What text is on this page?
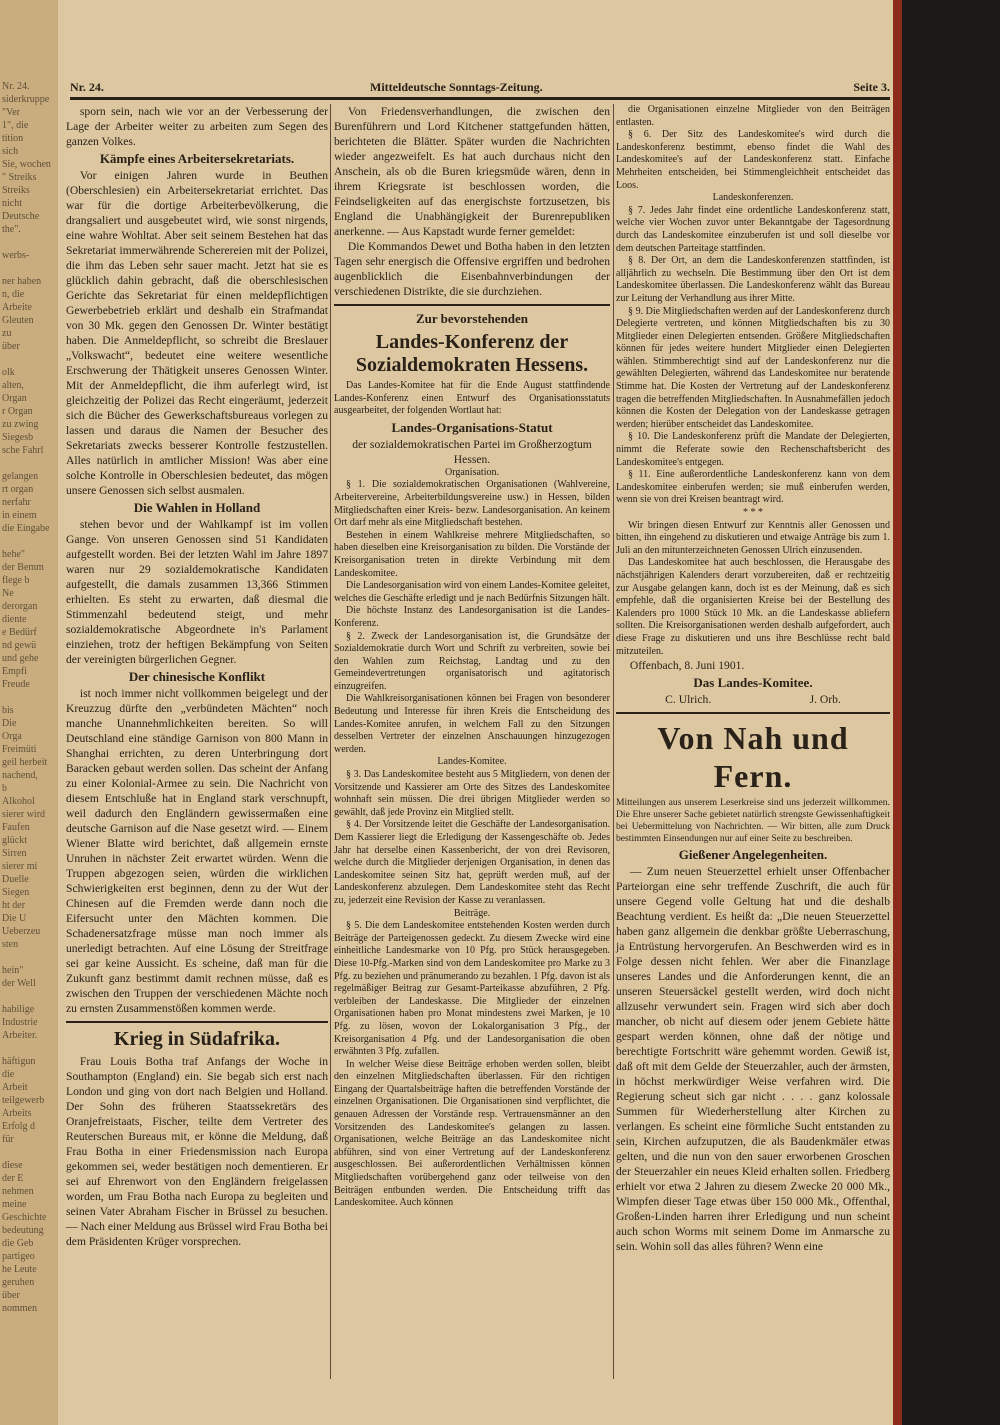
Nr. 24.
siderkruppe
"Ver
1", die
tition
sich
Sie, wochen
" Streiks
Streiks
nicht
Deutsche
the".

werbs-

ner haben
n, die
Arbeite
Gleuten
zu
über

olk
alten,
Organ
r Organ
zu zwing
Siegesb
sche Fahrl

gelangen
rt organ
nerfahr
in einem
die Eingabe

hehe"
der Bemm
flege b
Ne
derorgan
diente
e Bedürf
nd gewü
und gehe
Empfi
Freude

bis
Die
Orga
Freimüti
geil herbeit
nachend,
b
Alkohol
sierer wird
Faufen
glückt
Sirren
sierer mi
Duelle
Siegen
ht der
Die U
Ueberzeu
sten

hein"
der Well

habilige
Industrie
Arbeiter.

häftigun
die
Arbeit
teilgewerb
Arbeits
Erfolg d
für

diese
der E
nehmen
meine
Geschichte
bedeutung
die Geb
partigeo
he Leute
geruhen
über
nommen
Nr. 24.	Mitteldeutsche Sonntags-Zeitung.	Seite 3.

sporn sein, nach wie vor an der Verbesserung der Lage der Arbeiter weiter zu arbeiten zum Segen des ganzen Volkes.

Kämpfe eines Arbeitersekretariats.

Vor einigen Jahren wurde in Beuthen (Oberschlesien) ein Arbeitersekretariat errichtet. Das war für die dortige Arbeiterbevölkerung, die drangsaliert und ausgebeutet wird, wie sonst nirgends, eine wahre Wohltat. Aber seit seinem Bestehen hat das Sekretariat immerwährende Scherereien mit der Polizei, die ihm das Leben sehr sauer macht. Jetzt hat sie es glücklich dahin gebracht, daß die oberschlesischen Gerichte das Sekretariat für einen meldepflichtigen Gewerbebetrieb erklärt und deshalb ein Strafmandat von 30 Mk. gegen den Genossen Dr. Winter bestätigt haben. Die Anmeldepflicht, so schreibt die Breslauer „Volkswacht“, bedeutet eine weitere wesentliche Erschwerung der Thätigkeit unseres Genossen Winter. Mit der Anmeldepflicht, die ihm auferlegt wird, ist gleichzeitig der Polizei das Recht eingeräumt, jederzeit sich die Bücher des Gewerkschaftsbureaus vorlegen zu lassen und daraus die Namen der Besucher des Sekretariats zwecks besserer Kontrolle festzustellen. Alles natürlich in amtlicher Mission! Was aber eine solche Kontrolle in Oberschlesien bedeutet, das mögen unsere Genossen sich selbst ausmalen.

Die Wahlen in Holland

stehen bevor und der Wahlkampf ist im vollen Gange. Von unseren Genossen sind 51 Kandidaten aufgestellt worden. Bei der letzten Wahl im Jahre 1897 waren nur 29 sozialdemokratische Kandidaten aufgestellt, die damals zusammen 13,366 Stimmen erhielten. Es steht zu erwarten, daß diesmal die Stimmenzahl bedeutend steigt, und mehr sozialdemokratische Abgeordnete in's Parlament einziehen, trotz der heftigen Bekämpfung von Seiten der vereinigten bürgerlichen Gegner.

Der chinesische Konflikt

ist noch immer nicht vollkommen beigelegt und der Kreuzzug dürfte den „verbündeten Mächten“ noch manche Unannehmlichkeiten bereiten. So will Deutschland eine ständige Garnison von 800 Mann in Shanghai errichten, zu deren Unterbringung dort Baracken gebaut werden sollen. Das scheint der Anfang zu einer Kolonial-Armee zu sein. Die Nachricht von diesem Entschluße hat in England stark verschnupft, weil dadurch den Engländern gewissermaßen eine deutsche Garnison auf die Nase gesetzt wird. — Einem Wiener Blatte wird berichtet, daß allgemein ernste Unruhen in nächster Zeit erwartet würden. Wenn die Truppen abgezogen seien, würden die wirklichen Schwierigkeiten erst beginnen, denn zu der Wut der Chinesen auf die Fremden werde dann noch die Eifersucht unter den Mächten kommen. Die Schadenersatzfrage müsse man noch immer als unerledigt betrachten. Auf eine Lösung der Streitfrage sei gar keine Aussicht. Es scheine, daß man für die Zukunft ganz bestimmt damit rechnen müsse, daß es zwischen den Truppen der verschiedenen Mächte noch zu ernsten Zusammenstößen kommen werde.

Krieg in Südafrika.

Frau Louis Botha traf Anfangs der Woche in Southampton (England) ein. Sie begab sich erst nach London und ging von dort nach Belgien und Holland. Der Sohn des früheren Staatssekretärs des Oranjefreistaats, Fischer, teilte dem Vertreter des Reuterschen Bureaus mit, er könne die Meldung, daß Frau Botha in einer Friedensmission nach Europa gekommen sei, weder bestätigen noch dementieren. Er sei auf Ehrenwort von den Engländern freigelassen worden, um Frau Botha nach Europa zu begleiten und seinen Vater Abraham Fischer in Brüssel zu besuchen. — Nach einer Meldung aus Brüssel wird Frau Botha bei dem Präsidenten Krüger vorsprechen.

Von Friedensverhandlungen, die zwischen den Burenführern und Lord Kitchener stattgefunden hätten, berichteten die Blätter. Später wurden die Nachrichten wieder angezweifelt. Es hat auch durchaus nicht den Anschein, als ob die Buren kriegsmüde wären, denn in ihrem Kriegsrate ist beschlossen worden, die Feindseligkeiten auf das energischste fortzusetzen, bis England die Unabhängigkeit der Burenrepubliken anerkenne. — Aus Kapstadt wurde ferner gemeldet:

Die Kommandos Dewet und Botha haben in den letzten Tagen sehr energisch die Offensive ergriffen und bedrohen augenblicklich die Eisenbahnverbindungen der verschiedenen Distrikte, die sie durchziehen.

Zur bevorstehenden
Landes-Konferenz der Sozialdemokraten Hessens.

Das Landes-Komitee hat für die Ende August stattfindende Landes-Konferenz einen Entwurf des Organisationsstatuts ausgearbeitet, der folgenden Wortlaut hat:

Landes-Organisations-Statut

der sozialdemokratischen Partei im Großherzogtum Hessen.

Organisation.

§ 1. Die sozialdemokratischen Organisationen (Wahlvereine, Arbeitervereine, Arbeiterbildungsvereine usw.) in Hessen, bilden Mitgliedschaften einer Kreis- bezw. Landesorganisation. An keinem Ort darf mehr als eine Mitgliedschaft bestehen.

Bestehen in einem Wahlkreise mehrere Mitgliedschaften, so haben dieselben eine Kreisorganisation zu bilden. Die Vorstände der Kreisorganisation treten in direkte Verbindung mit dem Landeskomitee.

Die Landesorganisation wird von einem Landes-Komitee geleitet, welches die Geschäfte erledigt und je nach Bedürfnis Sitzungen hält.

Die höchste Instanz des Landesorganisation ist die Landes-Konferenz.

§ 2. Zweck der Landesorganisation ist, die Grundsätze der Sozialdemokratie durch Wort und Schrift zu verbreiten, sowie bei den Wahlen zum Reichstag, Landtag und zu den Gemeindevertretungen organisatorisch und agitatorisch einzugreifen.

Die Wahlkreisorganisationen können bei Fragen von besonderer Bedeutung und Interesse für ihren Kreis die Entscheidung des Landes-Komitee anrufen, in welchem Fall zu den Sitzungen desselben Vertreter der einzelnen Anschauungen hinzugezogen werden.

Landes-Komitee.

§ 3. Das Landeskomitee besteht aus 5 Mitgliedern, von denen der Vorsitzende und Kassierer am Orte des Sitzes des Landeskomitee wohnhaft sein müssen. Die drei übrigen Mitglieder werden so gewählt, daß jede Provinz ein Mitglied stellt.

§ 4. Der Vorsitzende leitet die Geschäfte der Landesorganisation. Dem Kassierer liegt die Erledigung der Kassengeschäfte ob. Jedes Jahr hat derselbe einen Kassenbericht, der von drei Revisoren, welche durch die Mitglieder derjenigen Organisation, in denen das Landeskomitee seinen Sitz hat, geprüft werden muß, auf der Landeskonferenz abzulegen. Dem Landeskomitee steht das Recht zu, jederzeit eine Revision der Kasse zu veranlassen.

Beiträge.

§ 5. Die dem Landeskomitee entstehenden Kosten werden durch Beiträge der Parteigenossen gedeckt. Zu diesem Zwecke wird eine einheitliche Landesmarke von 10 Pfg. pro Stück herausgegeben. Diese 10-Pfg.-Marken sind von dem Landeskomitee pro Marke zu 3 Pfg. zu beziehen und pränumerando zu bezahlen. 1 Pfg. davon ist als regelmäßiger Beitrag zur Gesamt-Parteikasse abzuführen, 2 Pfg. verbleiben der Landeskasse. Die Mitglieder der einzelnen Organisationen haben pro Monat mindestens zwei Marken, je 10 Pfg. zu lösen, wovon der Lokalorganisation 3 Pfg., der Kreisorganisation 4 Pfg. und der Landesorganisation die oben erwähnten 3 Pfg. zufallen.

In welcher Weise diese Beiträge erhoben werden sollen, bleibt den einzelnen Mitgliedschaften überlassen. Für den richtigen Eingang der Quartalsbeiträge haften die betreffenden Vorstände der einzelnen Organisationen. Die Organisationen sind verpflichtet, die genauen Adressen der Vorstände resp. Vertrauensmänner an den Vorsitzenden des Landeskomitee's gelangen zu lassen. Organisationen, welche Beiträge an das Landeskomitee nicht abführen, sind von einer Vertretung auf der Landeskonferenz ausgeschlossen. Bei außerordentlichen Verhältnissen können Mitgliedschaften vorübergehend ganz oder teilweise von den Beiträgen entbunden werden. Die Entscheidung trifft das Landeskomitee. Auch können

die Organisationen einzelne Mitglieder von den Beiträgen entlasten.

§ 6. Der Sitz des Landeskomitee's wird durch die Landeskonferenz bestimmt, ebenso findet die Wahl des Landeskomitee's auf der Landeskonferenz statt. Einfache Mehrheiten entscheiden, bei Stimmengleichheit entscheidet das Loos.

Landeskonferenzen.

§ 7. Jedes Jahr findet eine ordentliche Landeskonferenz statt, welche vier Wochen zuvor unter Bekanntgabe der Tagesordnung durch das Landeskomitee einzuberufen ist und soll dieselbe vor dem deutschen Parteitage stattfinden.

§ 8. Der Ort, an dem die Landeskonferenzen stattfinden, ist alljährlich zu wechseln. Die Bestimmung über den Ort ist dem Landeskomitee überlassen. Die Landeskonferenz wählt das Bureau zur Leitung der Verhandlung aus ihrer Mitte.

§ 9. Die Mitgliedschaften werden auf der Landeskonferenz durch Delegierte vertreten, und können Mitgliedschaften bis zu 30 Mitglieder einen Delegierten entsenden. Größere Mitgliedschaften können für jedes weitere hundert Mitglieder einen Delegierten wählen. Stimmberechtigt sind auf der Landeskonferenz nur die gewählten Delegierten, während das Landeskomitee nur beratende Stimme hat. Die Kosten der Vertretung auf der Landeskonferenz tragen die betreffenden Mitgliedschaften. In Ausnahmefällen jedoch können die Kosten der Delegation von der Landeskasse getragen werden; hierüber entscheidet das Landeskomitee.

§ 10. Die Landeskonferenz prüft die Mandate der Delegierten, nimmt die Referate sowie den Rechenschaftsbericht des Landeskomitee's entgegen.

§ 11. Eine außerordentliche Landeskonferenz kann von dem Landeskomitee einberufen werden; sie muß einberufen werden, wenn sie von drei Kreisen beantragt wird.

* * *

Wir bringen diesen Entwurf zur Kenntnis aller Genossen und bitten, ihn eingehend zu diskutieren und etwaige Anträge bis zum 1. Juli an den mitunterzeichneten Genossen Ulrich einzusenden.

Das Landeskomitee hat auch beschlossen, die Herausgabe des nächstjährigen Kalenders derart vorzubereiten, daß er rechtzeitig zur Ausgabe gelangen kann, doch ist es der Meinung, daß es sich empfehle, daß die organisierten Kreise bei der Bestellung des Kalenders pro 1000 Stück 10 Mk. an die Landeskasse abliefern sollten. Die Kreisorganisationen werden deshalb aufgefordert, auch diese Frage zu diskutieren und uns ihre Beschlüsse recht bald mitzuteilen.

Offenbach, 8. Juni 1901.

Das Landes-Komitee.

C. Ulrich.	J. Orb.

Von Nah und Fern.

Mitteilungen aus unserem Leserkreise sind uns jederzeit willkommen. Die Ehre unserer Sache gebietet natürlich strengste Gewissenhaftigkeit bei Uebermittelung von Nachrichten. — Wir bitten, alle zum Druck bestimmten Einsendungen nur auf einer Seite zu beschreiben.

Gießener Angelegenheiten.

— Zum neuen Steuerzettel erhielt unser Offenbacher Parteiorgan eine sehr treffende Zuschrift, die auch für unsere Gegend volle Geltung hat und die deshalb Beachtung verdient. Es heißt da: „Die neuen Steuerzettel haben ganz allgemein die denkbar größte Ueberraschung, ja Entrüstung hervorgerufen. An Beschwerden wird es in Folge dessen nicht fehlen. Wer aber die Finanzlage unseres Landes und die Anforderungen kennt, die an unseren Steuersäckel gestellt werden, wird doch nicht allzusehr verwundert sein. Fragen wird sich aber doch mancher, ob nicht auf diesem oder jenem Gebiete hätte gespart werden können, ohne daß der nötige und berechtigte Fortschritt wäre gehemmt worden. Gewiß ist, daß oft mit dem Gelde der Steuerzahler, auch der ärmsten, in höchst merkwürdiger Weise verfahren wird. Die Regierung scheut sich gar nicht . . . . ganz kolossale Summen für Wiederherstellung alter Kirchen zu verlangen. Es scheint eine förmliche Sucht entstanden zu sein, Kirchen aufzuputzen, die als Baudenkmäler etwas gelten, und die nun von den sauer erworbenen Groschen der Steuerzahler ein neues Kleid erhalten sollen. Friedberg erhielt vor etwa 2 Jahren zu diesem Zwecke 20 000 Mk., Wimpfen dieser Tage etwas über 150 000 Mk., Offenthal, Großen-Linden harren ihrer Erledigung und nun scheint auch schon Worms mit seinem Dome im Anmarsche zu sein. Wohin soll das alles führen? Wenn eine
